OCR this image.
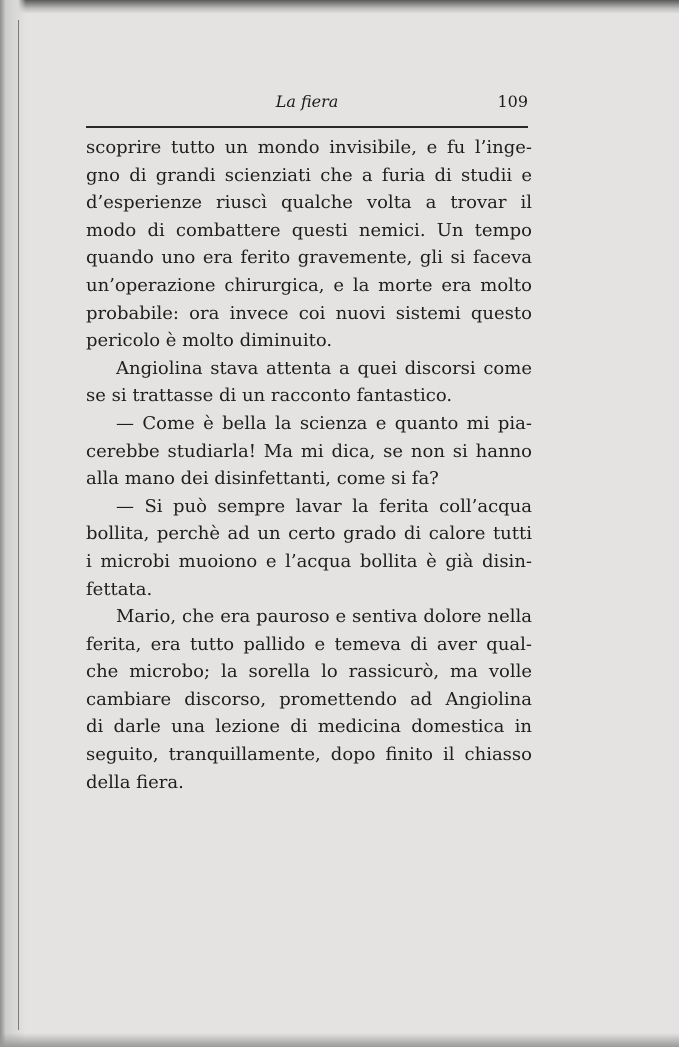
La fiera	109
scoprire tutto un mondo invisibile, e fu l’inge-
gno di grandi scienziati che a furia di studii e
d’esperienze riuscì qualche volta a trovar il
modo di combattere questi nemici. Un tempo
quando uno era ferito gravemente, gli si faceva
un’operazione chirurgica, e la morte era molto
probabile: ora invece coi nuovi sistemi questo
pericolo è molto diminuito.
Angiolina stava attenta a quei discorsi come
se si trattasse di un racconto fantastico.
— Come è bella la scienza e quanto mi pia-
cerebbe studiarla! Ma mi dica, se non si hanno
alla mano dei disinfettanti, come si fa?
— Si può sempre lavar la ferita coll’acqua
bollita, perchè ad un certo grado di calore tutti
i microbi muoiono e l’acqua bollita è già disin-
fettata.
Mario, che era pauroso e sentiva dolore nella
ferita, era tutto pallido e temeva di aver qual-
che microbo; la sorella lo rassicurò, ma volle
cambiare discorso, promettendo ad Angiolina
di darle una lezione di medicina domestica in
seguito, tranquillamente, dopo finito il chiasso
della fiera.
